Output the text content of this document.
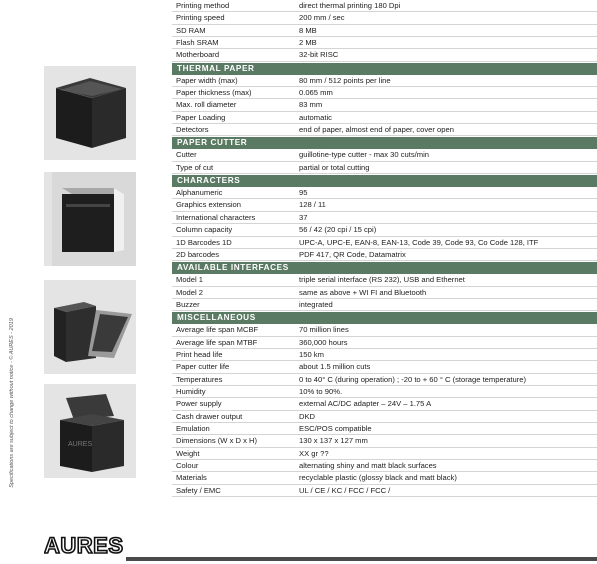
Specifications are subject to change without notice - © AURES - 2019	AURES
AURES
Printing method	direct thermal printing 180 Dpi
Printing speed	200 mm / sec
SD RAM	8 MB
Flash SRAM	2 MB
Motherboard	32-bit RISC
THERMAL PAPER
Paper width (max)	80 mm / 512 points per line
Paper thickness (max)	0.065 mm
Max. roll diameter	83 mm
Paper Loading	automatic
Detectors	end of paper, almost end of paper, cover open
PAPER CUTTER
Cutter	guillotine-type cutter - max 30 cuts/min
Type of cut	partial or total cutting
CHARACTERS
Alphanumeric	95
Graphics extension	128 / 11
International characters	37
Column capacity	56 / 42 (20 cpi / 15 cpi)
1D Barcodes 1D	UPC-A, UPC-E, EAN-8, EAN-13, Code 39, Code 93, Co Code 128, ITF
2D barcodes	PDF 417, QR Code, Datamatrix
AVAILABLE INTERFACES
Model 1	triple serial interface (RS 232), USB and Ethernet
Model 2	same as above + WI FI and Bluetooth
Buzzer	integrated
MISCELLANEOUS
Average life span MCBF	70 million lines
Average life span MTBF	360,000 hours
Print head life	150 km
Paper cutter life	about 1.5 million cuts
Temperatures	0 to 40° C (during operation) ; -20 to + 60 ° C (storage temperature)
Humidity	10% to 90%.
Power supply	external AC/DC adapter – 24V – 1.75 A
Cash drawer output	DKD
Emulation	ESC/POS compatible
Dimensions (W x D x H)	130 x 137 x 127 mm
Weight	XX gr ??
Colour	alternating shiny and matt black surfaces
Materials	recyclable plastic (glossy black and matt black)
Safety / EMC	UL / CE / KC / FCC / FCC /
